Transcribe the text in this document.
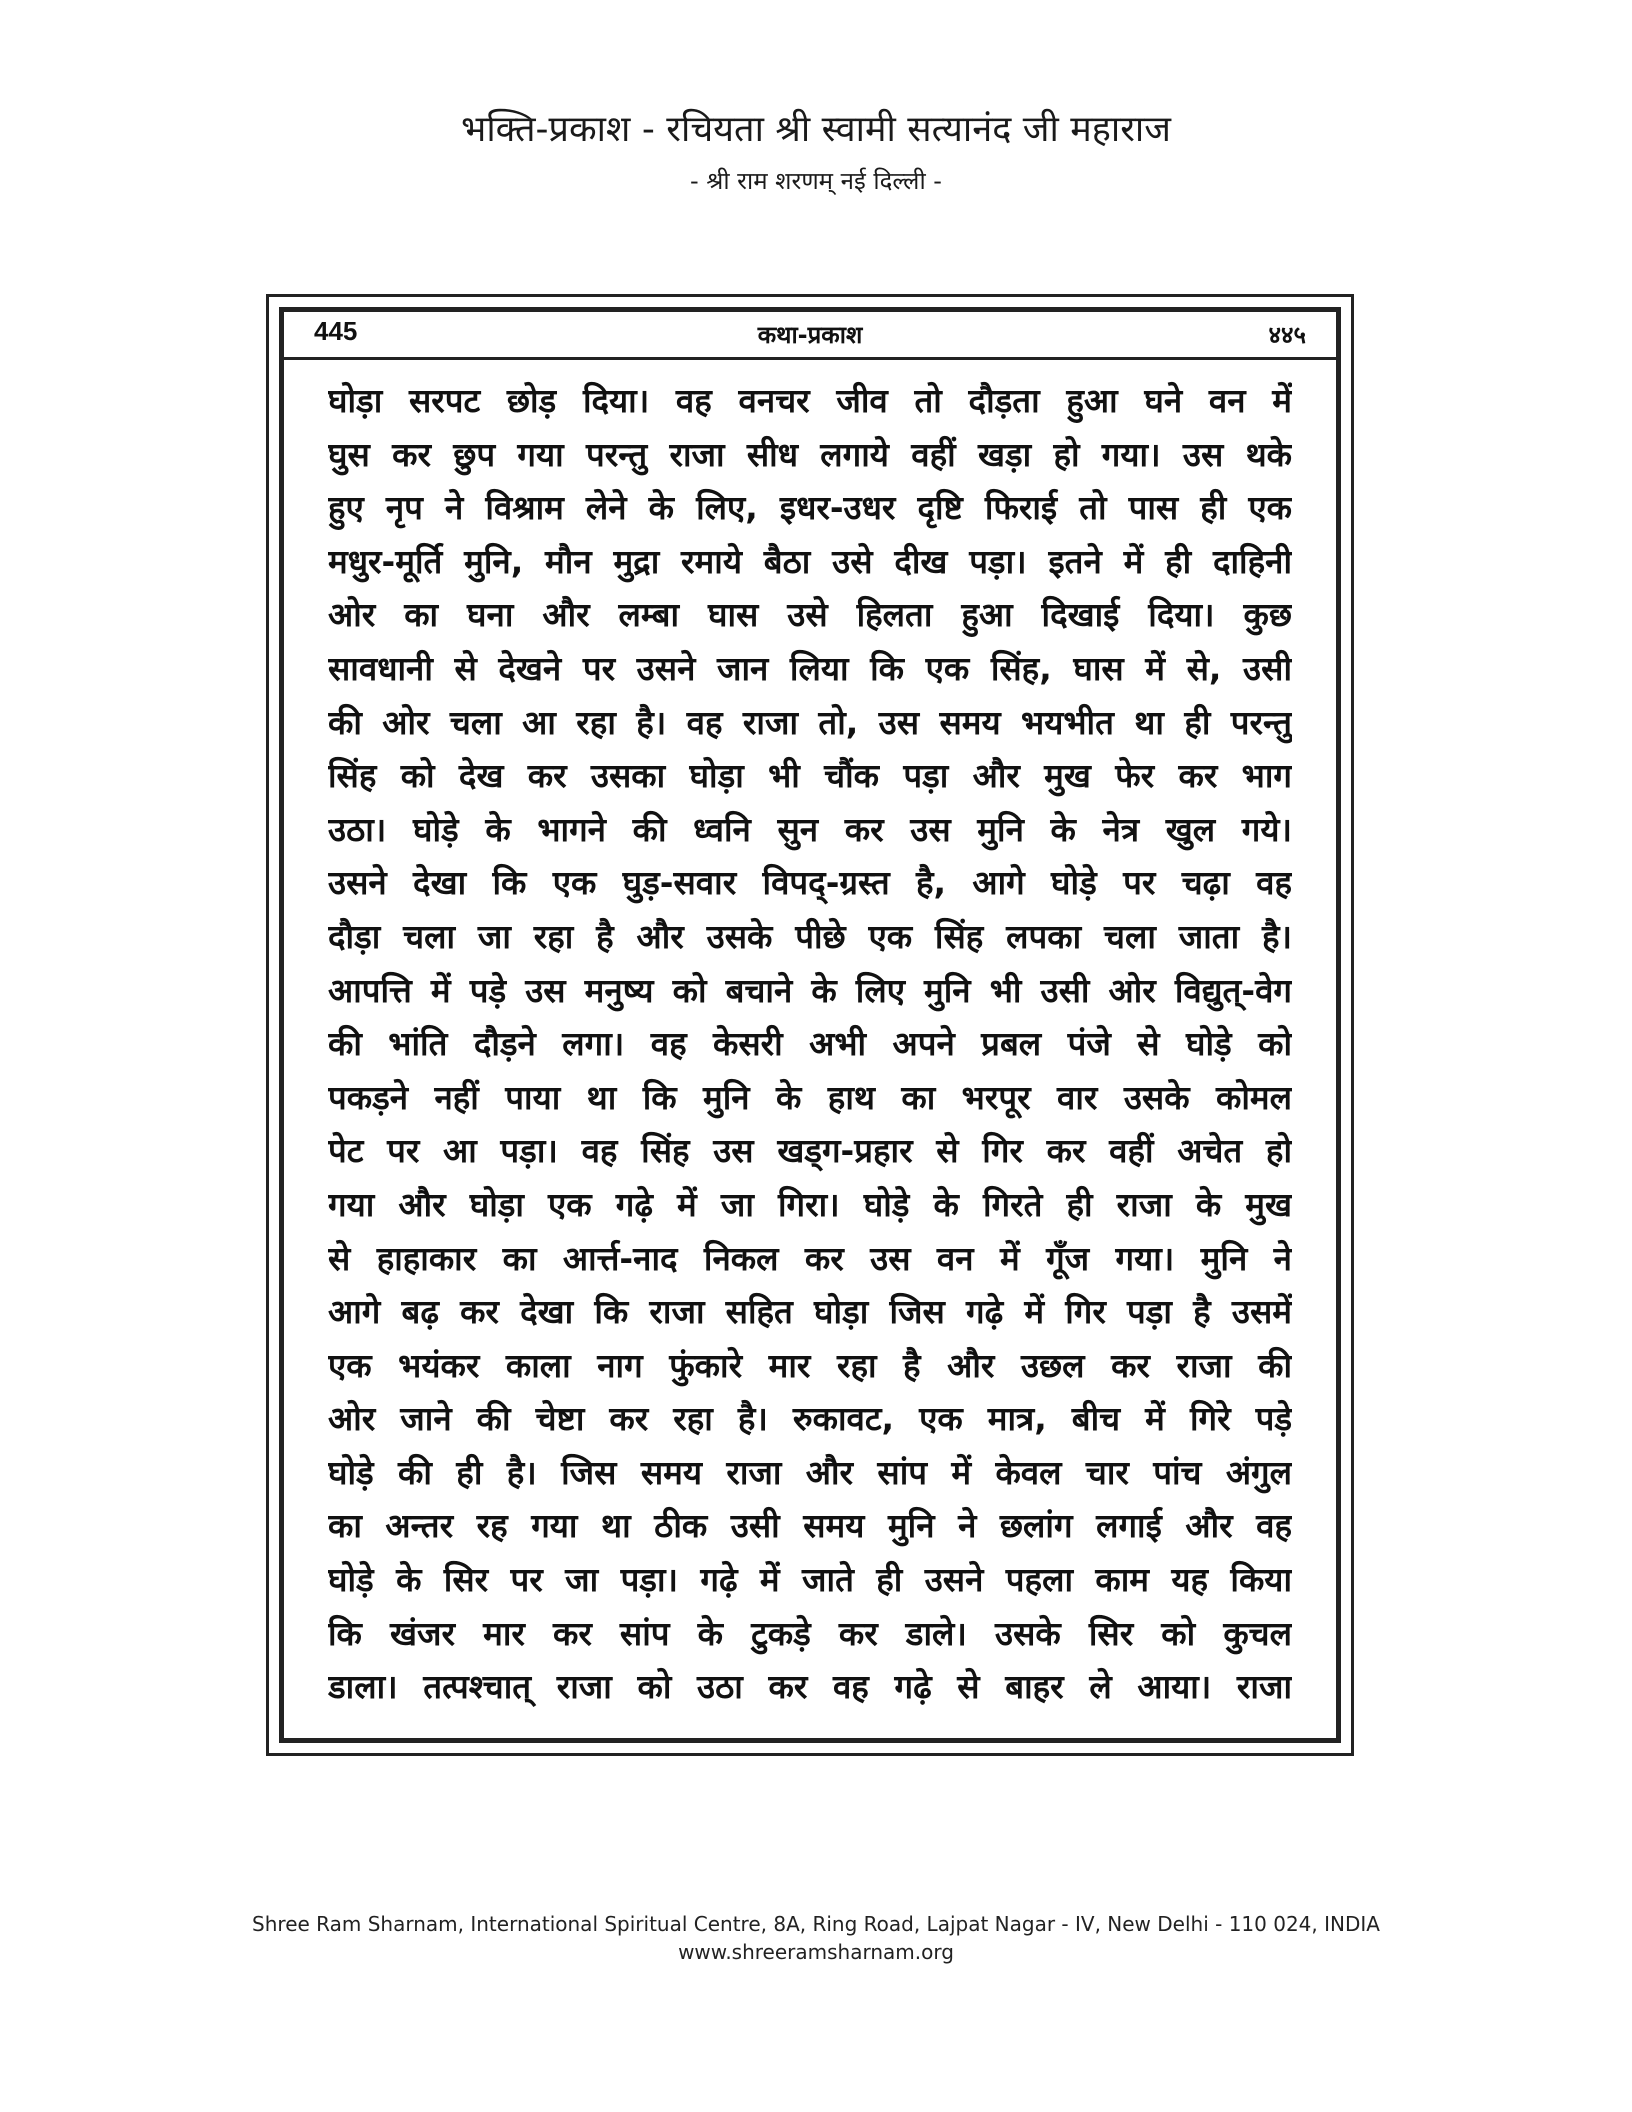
भक्ति-प्रकाश - रचियता श्री स्वामी सत्यानंद जी महाराज
- श्री राम शरणम् नई दिल्ली -
445	कथा-प्रकाश	४४५
घोड़ा सरपट छोड़ दिया। वह वनचर जीव तो दौड़ता हुआ घने वन में
घुस कर छुप गया परन्तु राजा सीध लगाये वहीं खड़ा हो गया। उस थके
हुए नृप ने विश्राम लेने के लिए, इधर-उधर दृष्टि फिराई तो पास ही एक
मधुर-मूर्ति मुनि, मौन मुद्रा रमाये बैठा उसे दीख पड़ा। इतने में ही दाहिनी
ओर का घना और लम्बा घास उसे हिलता हुआ दिखाई दिया। कुछ
सावधानी से देखने पर उसने जान लिया कि एक सिंह, घास में से, उसी
की ओर चला आ रहा है। वह राजा तो, उस समय भयभीत था ही परन्तु
सिंह को देख कर उसका घोड़ा भी चौंक पड़ा और मुख फेर कर भाग
उठा। घोड़े के भागने की ध्वनि सुन कर उस मुनि के नेत्र खुल गये।
उसने देखा कि एक घुड़-सवार विपद्-ग्रस्त है, आगे घोड़े पर चढ़ा वह
दौड़ा चला जा रहा है और उसके पीछे एक सिंह लपका चला जाता है।
आपत्ति में पड़े उस मनुष्य को बचाने के लिए मुनि भी उसी ओर विद्युत्-वेग
की भांति दौड़ने लगा। वह केसरी अभी अपने प्रबल पंजे से घोड़े को
पकड़ने नहीं पाया था कि मुनि के हाथ का भरपूर वार उसके कोमल
पेट पर आ पड़ा। वह सिंह उस खड्ग-प्रहार से गिर कर वहीं अचेत हो
गया और घोड़ा एक गढ़े में जा गिरा। घोड़े के गिरते ही राजा के मुख
से हाहाकार का आर्त्त-नाद निकल कर उस वन में गूँज गया। मुनि ने
आगे बढ़ कर देखा कि राजा सहित घोड़ा जिस गढ़े में गिर पड़ा है उसमें
एक भयंकर काला नाग फुंकारे मार रहा है और उछल कर राजा की
ओर जाने की चेष्टा कर रहा है। रुकावट, एक मात्र, बीच में गिरे पड़े
घोड़े की ही है। जिस समय राजा और सांप में केवल चार पांच अंगुल
का अन्तर रह गया था ठीक उसी समय मुनि ने छलांग लगाई और वह
घोड़े के सिर पर जा पड़ा। गढ़े में जाते ही उसने पहला काम यह किया
कि खंजर मार कर सांप के टुकड़े कर डाले। उसके सिर को कुचल
डाला। तत्पश्चात् राजा को उठा कर वह गढ़े से बाहर ले आया। राजा
Shree Ram Sharnam, International Spiritual Centre, 8A, Ring Road, Lajpat Nagar - IV, New Delhi - 110 024, INDIA
www.shreeramsharnam.org
